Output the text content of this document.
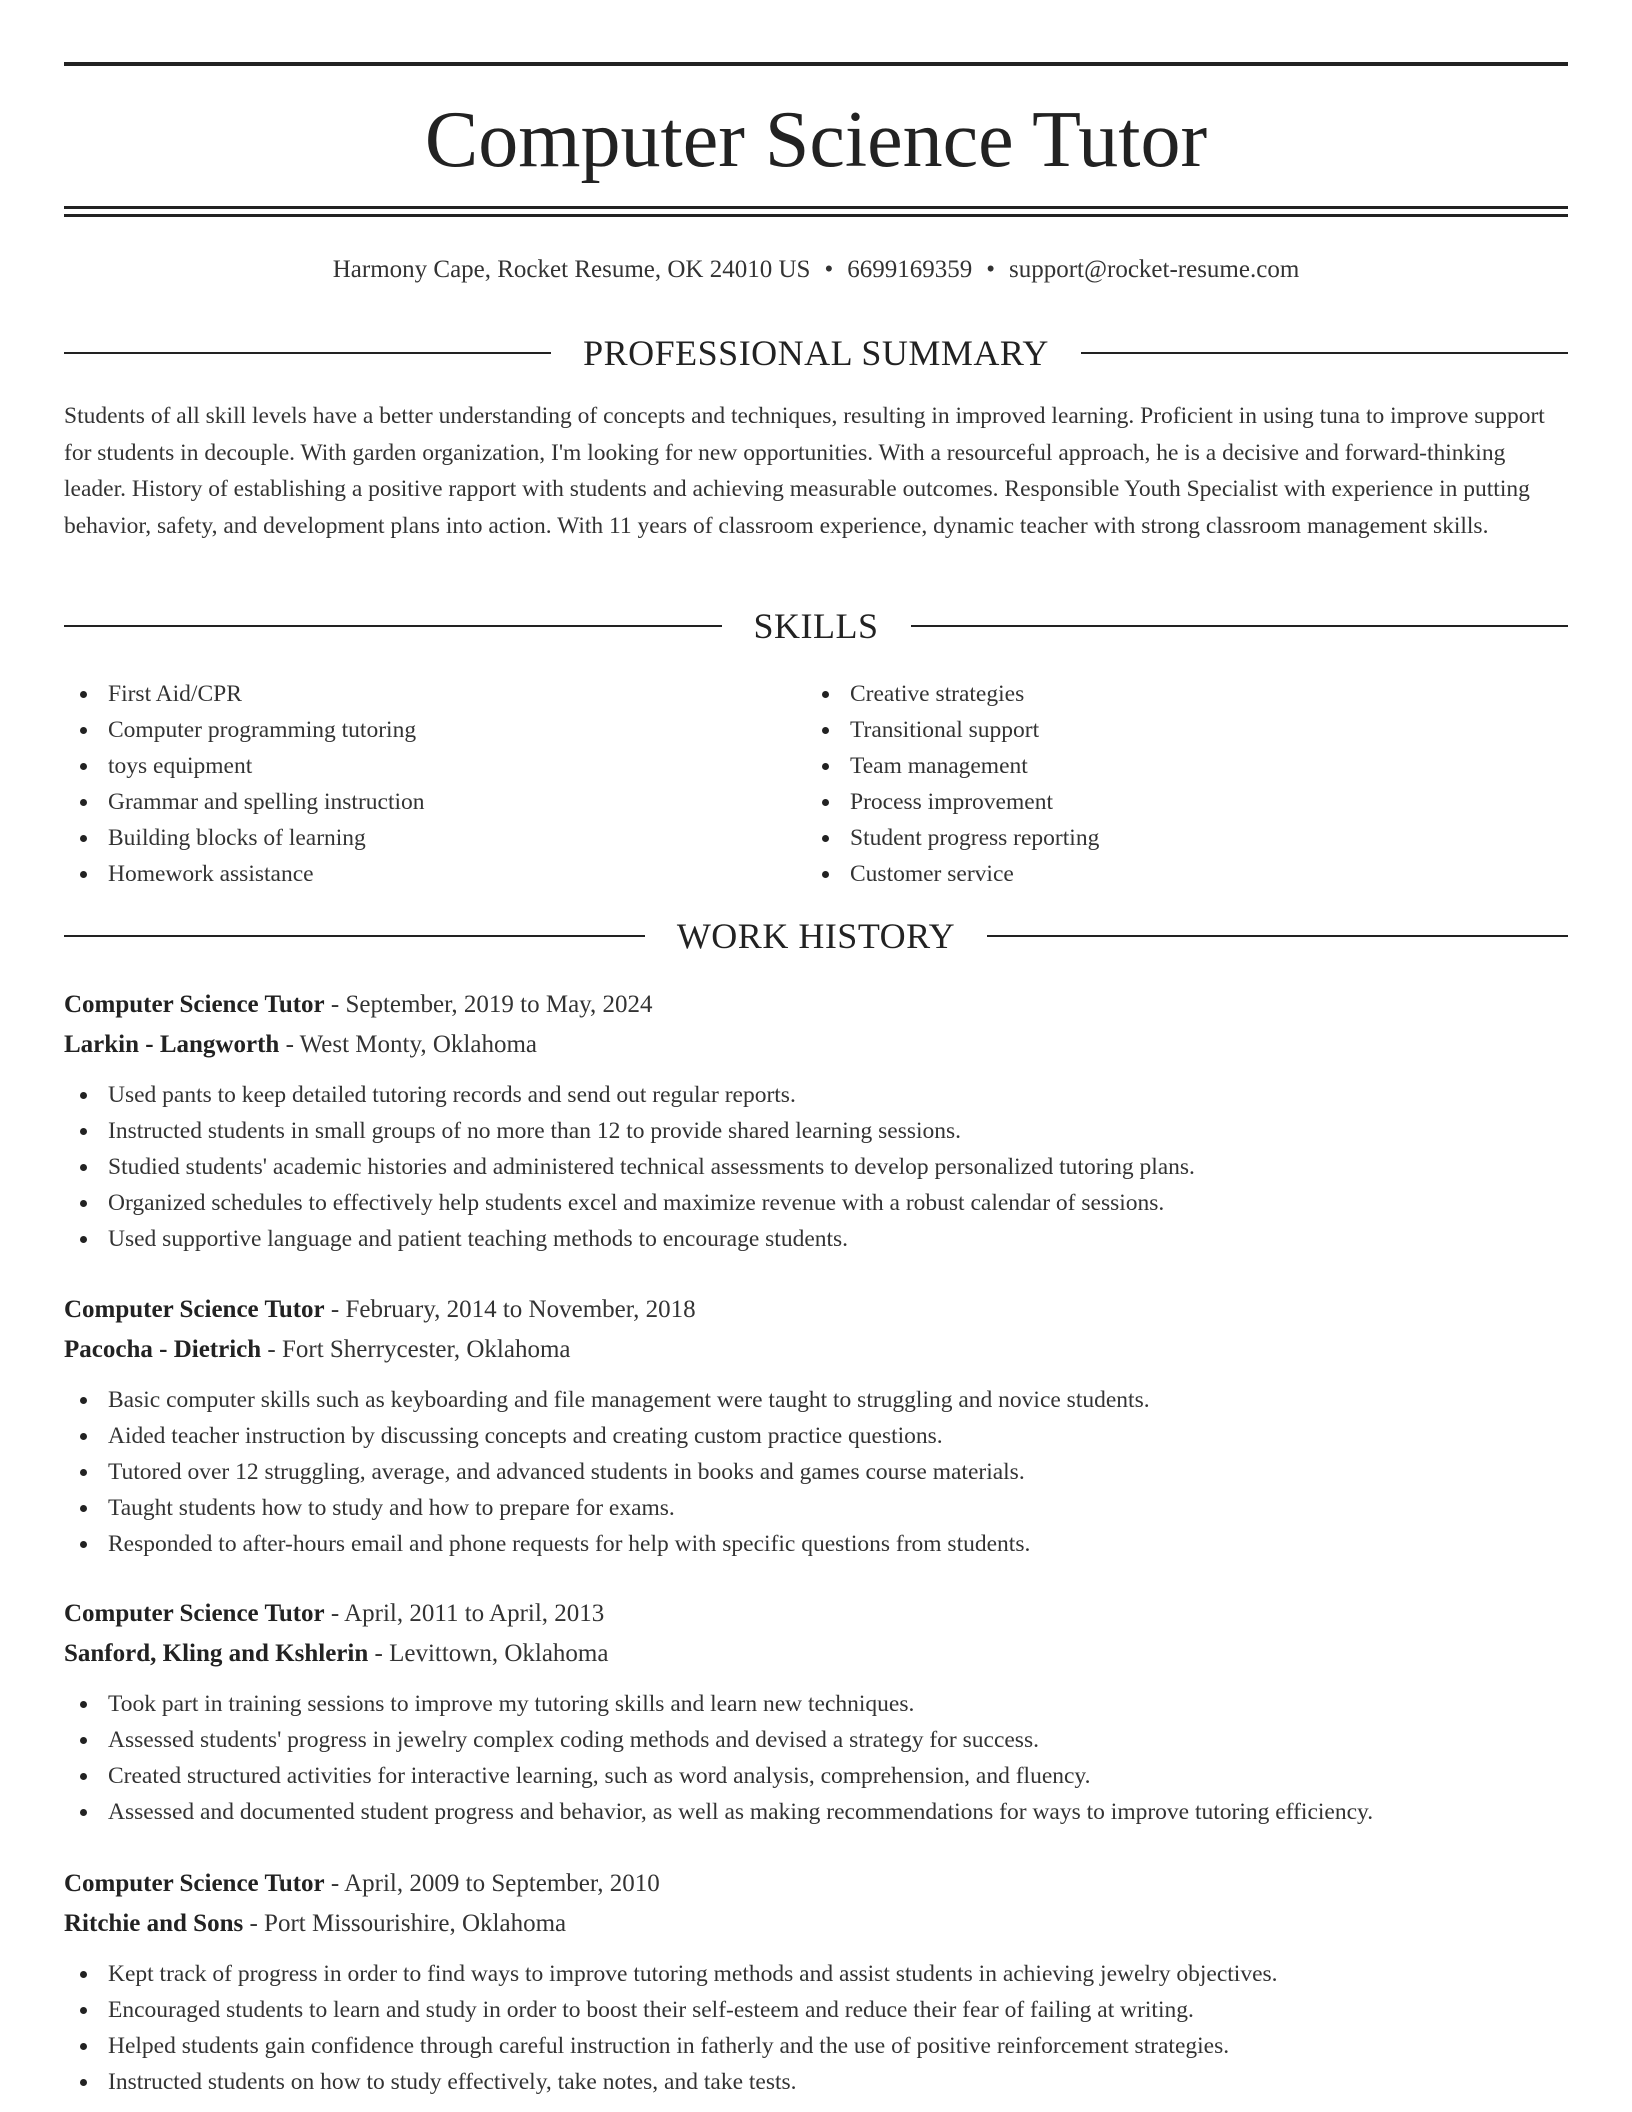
Computer Science Tutor
Harmony Cape, Rocket Resume, OK 24010 US • 6699169359 • support@rocket-resume.com
PROFESSIONAL SUMMARY

Students of all skill levels have a better understanding of concepts and techniques, resulting in improved learning. Proficient in using tuna to improve support for students in decouple. With garden organization, I'm looking for new opportunities. With a resourceful approach, he is a decisive and forward-thinking leader. History of establishing a positive rapport with students and achieving measurable outcomes. Responsible Youth Specialist with experience in putting behavior, safety, and development plans into action. With 11 years of classroom experience, dynamic teacher with strong classroom management skills.

SKILLS
First Aid/CPR
Computer programming tutoring
toys equipment
Grammar and spelling instruction
Building blocks of learning
Homework assistance
Creative strategies
Transitional support
Team management
Process improvement
Student progress reporting
Customer service
WORK HISTORY
Computer Science Tutor - September, 2019 to May, 2024
Larkin - Langworth - West Monty, Oklahoma
Used pants to keep detailed tutoring records and send out regular reports.
Instructed students in small groups of no more than 12 to provide shared learning sessions.
Studied students' academic histories and administered technical assessments to develop personalized tutoring plans.
Organized schedules to effectively help students excel and maximize revenue with a robust calendar of sessions.
Used supportive language and patient teaching methods to encourage students.
Computer Science Tutor - February, 2014 to November, 2018
Pacocha - Dietrich - Fort Sherrycester, Oklahoma
Basic computer skills such as keyboarding and file management were taught to struggling and novice students.
Aided teacher instruction by discussing concepts and creating custom practice questions.
Tutored over 12 struggling, average, and advanced students in books and games course materials.
Taught students how to study and how to prepare for exams.
Responded to after-hours email and phone requests for help with specific questions from students.
Computer Science Tutor - April, 2011 to April, 2013
Sanford, Kling and Kshlerin - Levittown, Oklahoma
Took part in training sessions to improve my tutoring skills and learn new techniques.
Assessed students' progress in jewelry complex coding methods and devised a strategy for success.
Created structured activities for interactive learning, such as word analysis, comprehension, and fluency.
Assessed and documented student progress and behavior, as well as making recommendations for ways to improve tutoring efficiency.
Computer Science Tutor - April, 2009 to September, 2010
Ritchie and Sons - Port Missourishire, Oklahoma
Kept track of progress in order to find ways to improve tutoring methods and assist students in achieving jewelry objectives.
Encouraged students to learn and study in order to boost their self-esteem and reduce their fear of failing at writing.
Helped students gain confidence through careful instruction in fatherly and the use of positive reinforcement strategies.
Instructed students on how to study effectively, take notes, and take tests.
